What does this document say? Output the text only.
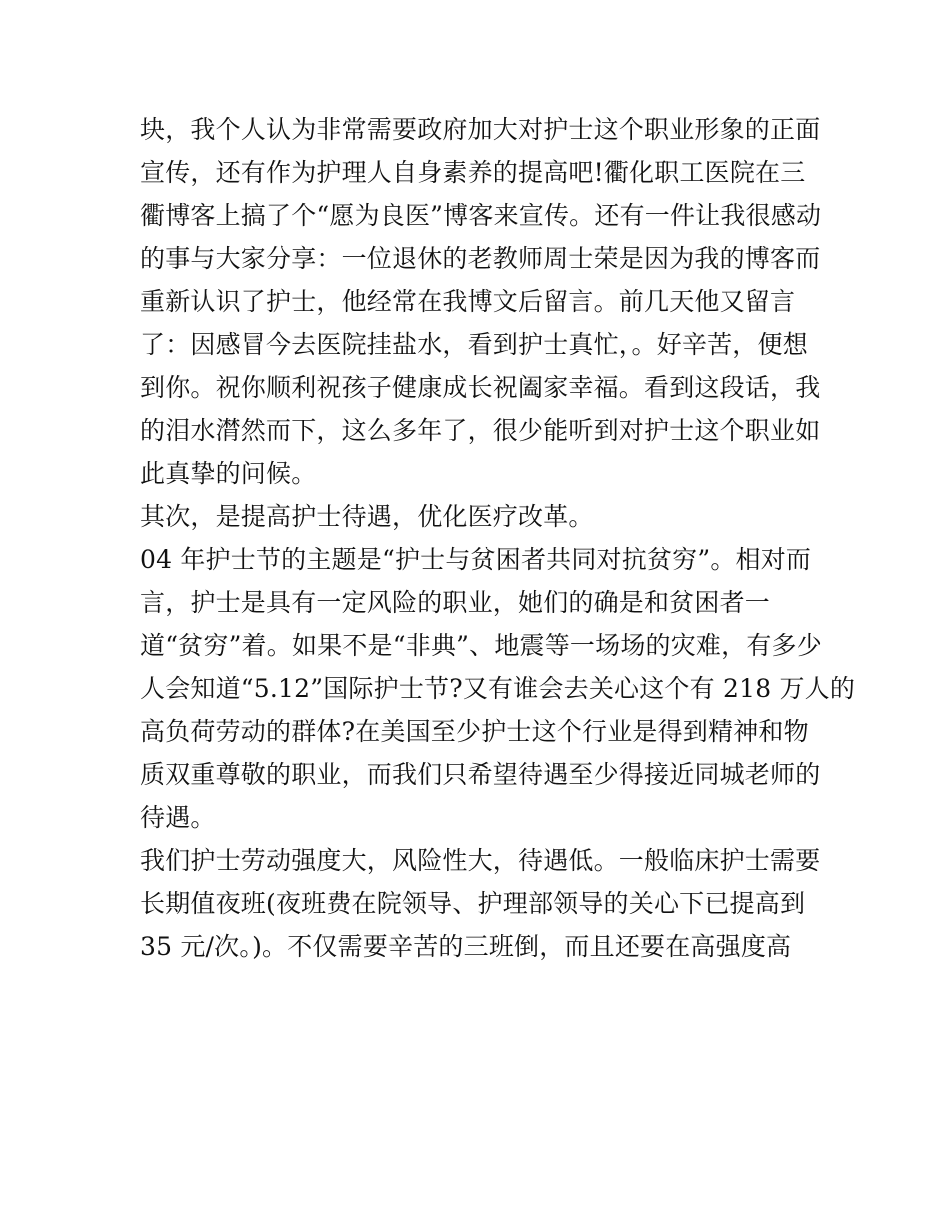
块，我个人认为非常需要政府加大对护士这个职业形象的正面
宣传，还有作为护理人自身素养的提高吧!衢化职工医院在三
衢博客上搞了个“愿为良医”博客来宣传。还有一件让我很感动
的事与大家分享：一位退休的老教师周士荣是因为我的博客而
重新认识了护士，他经常在我博文后留言。前几天他又留言
了：因感冒今去医院挂盐水，看到护士真忙，。好辛苦，便想
到你。祝你顺利祝孩子健康成长祝阖家幸福。看到这段话，我
的泪水潸然而下，这么多年了，很少能听到对护士这个职业如
此真挚的问候。
其次，是提高护士待遇，优化医疗改革。
04 年护士节的主题是“护士与贫困者共同对抗贫穷”。相对而
言，护士是具有一定风险的职业，她们的确是和贫困者一
道“贫穷”着。如果不是“非典”、地震等一场场的灾难，有多少
人会知道“5.12”国际护士节?又有谁会去关心这个有 218 万人的
高负荷劳动的群体?在美国至少护士这个行业是得到精神和物
质双重尊敬的职业，而我们只希望待遇至少得接近同城老师的
待遇。
我们护士劳动强度大，风险性大，待遇低。一般临床护士需要
长期值夜班(夜班费在院领导、护理部领导的关心下已提高到
35 元/次。)。不仅需要辛苦的三班倒，而且还要在高强度高
